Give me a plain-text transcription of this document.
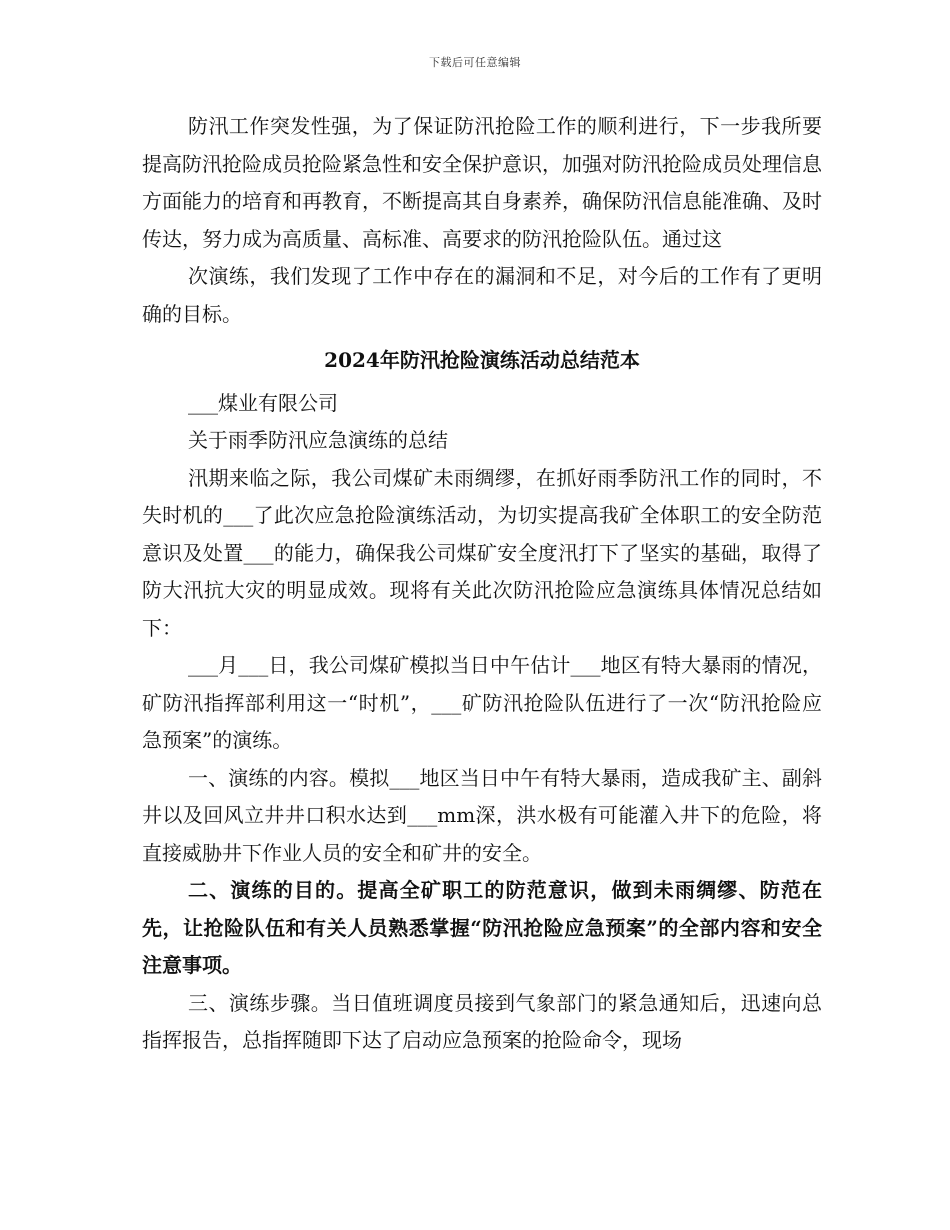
下载后可任意编辑

防汛工作突发性强，为了保证防汛抢险工作的顺利进行，下一步我所要提高防汛抢险成员抢险紧急性和安全保护意识，加强对防汛抢险成员处理信息方面能力的培育和再教育，不断提高其自身素养，确保防汛信息能准确、及时传达，努力成为高质量、高标准、高要求的防汛抢险队伍。通过这

次演练，我们发现了工作中存在的漏洞和不足，对今后的工作有了更明确的目标。

2024年防汛抢险演练活动总结范本

___煤业有限公司

关于雨季防汛应急演练的总结

汛期来临之际，我公司煤矿未雨绸缪，在抓好雨季防汛工作的同时，不失时机的___了此次应急抢险演练活动，为切实提高我矿全体职工的安全防范意识及处置___的能力，确保我公司煤矿安全度汛打下了坚实的基础，取得了防大汛抗大灾的明显成效。现将有关此次防汛抢险应急演练具体情况总结如下：

___月___日，我公司煤矿模拟当日中午估计___地区有特大暴雨的情况，矿防汛指挥部利用这一“时机”，___矿防汛抢险队伍进行了一次“防汛抢险应急预案”的演练。

一、演练的内容。模拟___地区当日中午有特大暴雨，造成我矿主、副斜井以及回风立井井口积水达到___mm深，洪水极有可能灌入井下的危险，将直接威胁井下作业人员的安全和矿井的安全。

二、演练的目的。提高全矿职工的防范意识，做到未雨绸缪、防范在先，让抢险队伍和有关人员熟悉掌握“防汛抢险应急预案”的全部内容和安全注意事项。

三、演练步骤。当日值班调度员接到气象部门的紧急通知后，迅速向总指挥报告，总指挥随即下达了启动应急预案的抢险命令，现场
